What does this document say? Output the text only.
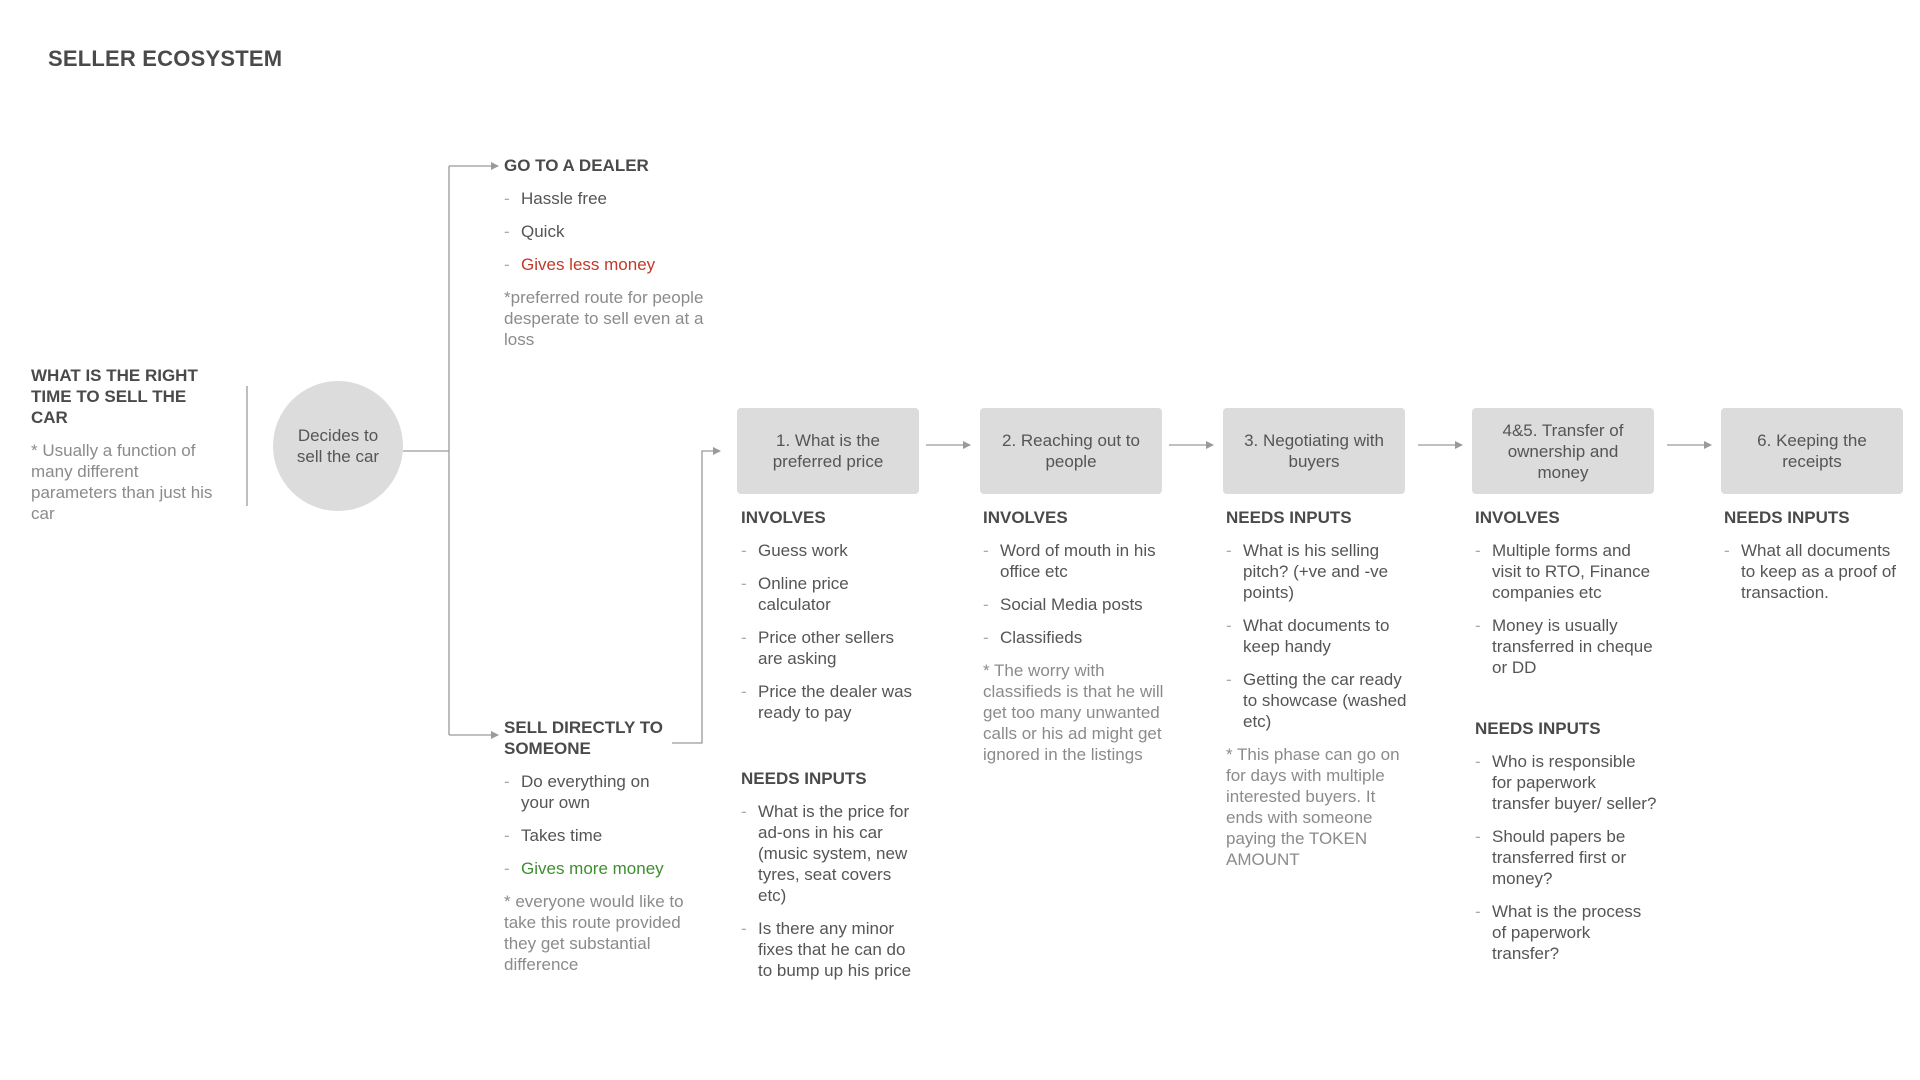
SELLER ECOSYSTEM
WHAT IS THE RIGHT TIME TO SELL THE CAR
* Usually a function of many different parameters than just his car
Decides to sell the car
GO TO A DEALER
- Hassle free
- Quick
- Gives less money
*preferred route for people desperate to sell even at a loss
SELL DIRECTLY TO SOMEONE
- Do everything on your own
- Takes time
- Gives more money
* everyone would like to take this route provided they get substantial difference
1. What is the preferred price
2. Reaching out to people
3. Negotiating with buyers
4&5. Transfer of ownership and money
6. Keeping the receipts
INVOLVES
- Guess work
- Online price calculator
- Price other sellers are asking
- Price the dealer was ready to pay
NEEDS INPUTS
- What is the price for ad-ons in his car (music system, new tyres, seat covers etc)
- Is there any minor fixes that he can do to bump up his price
INVOLVES
- Word of mouth in his office etc
- Social Media posts
- Classifieds
* The worry with classifieds is that he will get too many unwanted calls or his ad might get ignored in the listings
NEEDS INPUTS
- What is his selling pitch? (+ve and -ve points)
- What documents to keep handy
- Getting the car ready to showcase (washed etc)
* This phase can go on for days with multiple interested buyers. It ends with someone paying the TOKEN AMOUNT
INVOLVES
- Multiple forms and visit to RTO, Finance companies etc
- Money is usually transferred in cheque or DD
NEEDS INPUTS
- Who is responsible for paperwork transfer buyer/ seller?
- Should papers be transferred first or money?
- What is the process of paperwork transfer?
NEEDS INPUTS
- What all documents to keep as a proof of transaction.
